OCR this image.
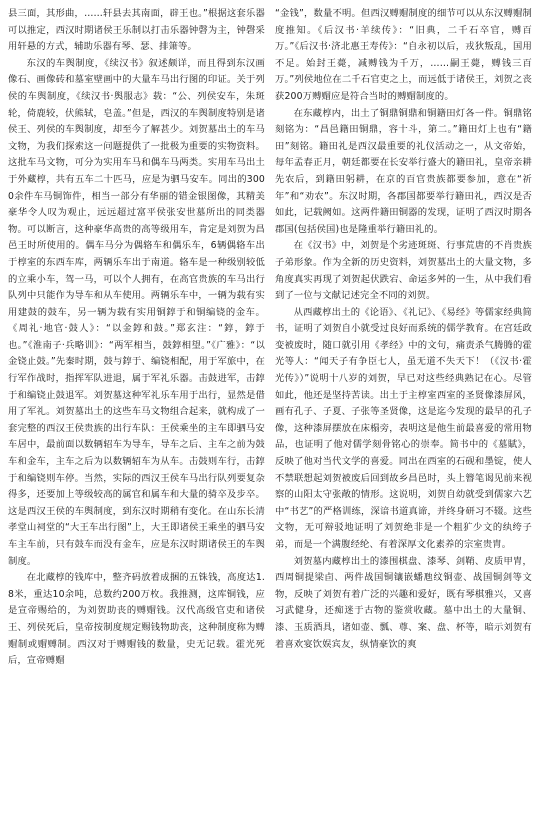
县三面，其形曲，……轩县去其南面，辟王也。”根据这套乐器可以推定，西汉时期诸侯王乐制以打击乐器钟磬为主，钟磬采用轩悬的方式，辅助乐器有琴、瑟、排箫等。

东汉的车舆制度，《续汉书》叙述颇详，而且得到东汉画像石、画像砖和墓室壁画中的大量车马出行图的印证。关于列侯的车舆制度，《续汉书·舆服志》载：“公、列侯安车，朱斑轮，倚鹿较，伏熊轼，皂盖。”但是，西汉的车舆制度特别是诸侯王、列侯的车舆制度，却至今了解甚少。刘贺墓出土的车马文物，为我们探索这一问题提供了一批极为重要的实物资料。这批车马文物，可分为实用车马和偶车马两类。实用车马出土于外藏椁，共有五车二十匹马，应是为驷马安车。同出的3000余件车马铜饰件，相当一部分有华丽的错金银图像，其精美豪华令人叹为观止，远远超过富平侯张安世墓所出的同类器物。可以断言，这种豪华高贵的高等级用车，肯定是刘贺为昌邑王时所使用的。偶车马分为偶辂车和偶乐车，6辆偶辂车出于椁室的东西车库，两辆乐车出于南道。辂车是一种级别较低的立乘小车，驾一马，可以个人拥有，在高官贵族的车马出行队列中只能作为导车和从车使用。两辆乐车中，一辆为载有实用建鼓的鼓车，另一辆为载有实用铜錞于和铜编铙的金车。《周礼·地官·鼓人》：“以金錞和鼓。”郑玄注：“錞，錞于也。”《淮南子·兵略训》：“两军相当，鼓錞相望。”《广雅》：“以金铙止鼓。”先秦时期，鼓与錞于、编铙相配，用于军旅中，在行军作战时，指挥军队进退，属于军礼乐器。击鼓进军，击錞于和编铙止鼓退军。刘贺墓这种军礼乐车用于出行，显然是借用了军礼。刘贺墓出土的这些车马文物组合起来，就构成了一套完整的西汉王侯贵族的出行车队：王侯乘坐的主车即驷马安车居中，最前面以数辆轺车为导车，导车之后、主车之前为鼓车和金车，主车之后为以数辆轺车为从车。击鼓则车行，击錞于和编铙则车停。当然，实际的西汉王侯车马出行队列要复杂得多，还要加上等级较高的属官和属车和大量的骑卒及步卒。这是西汉王侯的车舆制度，到东汉时期稍有变化。在山东长清孝堂山祠堂的“大王车出行图”上，大王即诸侯王乘坐的驷马安车主车前，只有鼓车而没有金车，应是东汉时期诸侯王的车舆制度。

在北藏椁的钱库中，整齐码放着成捆的五铢钱，高度达1.8米，重达10余吨，总数约200万枚。我推测，这库铜钱，应是宣帝赐给的，为刘贺助丧的赙赗钱。汉代高级官吏和诸侯王、列侯死后，皇帝按制度规定赐钱物助丧，这种制度称为赙赗制或赗赙制。西汉对于赙赗钱的数量，史无记载。霍光死后，宣帝赙赗

“金钱”，数量不明。但西汉赙赗制度的细节可以从东汉赙赗制度推知。《后汉书·羊续传》：“旧典，二千石卒官，赙百万。”《后汉书·济北惠王寿传》：“自永初以后，戎狄叛乱，国用不足。始封王薨，减赙钱为千万，……嗣王薨，赙钱三百万。”列侯地位在二千石官吏之上，而远低于诸侯王，刘贺之丧获200万赙赗应是符合当时的赙赗制度的。

在东藏椁内，出土了铜鼎铜鼎和铜籍田灯各一件。铜鼎铭刻铭为：“昌邑籍田铜鼎，容十斗，第二。”籍田灯上也有“籍田”刻铭。籍田礼是西汉最重要的礼仪活动之一，从文帝始，每年孟春正月，朝廷都要在长安举行盛大的籍田礼，皇帝亲耕先农后，到籍田躬耕，在京的百官贵族都要参加，意在“祈年”和“劝农”。东汉时期，各郡国都要举行籍田礼，西汉是否如此，记载阙如。这两件籍田铜器的发现，证明了西汉时期各郡国(包括侯国)也是隆重举行籍田礼的。

在《汉书》中，刘贺是个劣迹斑斑、行事荒唐的不肖贵族子弟形象。作为全新的历史资料，刘贺墓出土的大量文物，多角度真实再现了刘贺起伏跌宕、命运多舛的一生，从中我们看到了一位与文献记述完全不同的刘贺。

从西藏椁出土的《论语》、《礼记》、《易经》等儒家经典简书，证明了刘贺自小就受过良好而系统的儒学教育。在宫廷政变被废时，随口就引用《孝经》中的文句，痛责杀气腾腾的霍光等人：“闻天子有争臣七人，虽无道不失天下！（《汉书·霍光传》）”说明十八岁的刘贺，早已对这些经典熟记在心。尽管如此，他还是坚持苦读。出土于主椁室西室的圣贤像漆屏风，画有孔子、子夏、子张等圣贤像，这是迄今发现的最早的孔子像，这种漆屏摆放在床榻旁，表明这是他生前最喜爱的常用物品，也证明了他对儒学刻骨铭心的崇奉。简书中的《墓賦》，反映了他对当代文学的喜爱。同出在西室的石砚和墨锭，使人不禁联想起刘贺被废后回到故乡昌邑时，头上簪笔谒见前来视察的山阳太守张敞的情形。这说明，刘贺自幼就受到儒家六艺中“书艺”的严格训练，深谙书道真谛，并终身研习不辍。这些文物，无可辩驳地证明了刘贺绝非是一个粗犷少文的纨绔子弟，而是一个满腹经纶、有着深厚文化素养的宗室贵胄。

刘贺墓内藏椁出土的漆围棋盘、漆琴、剑鞘、皮质甲胄，西周铜提梁卣、两件战国铜镶嵌蟠虺纹铜壶、战国铜剑等文物，反映了刘贺有着广泛的兴趣和爱好，既有琴棋雅兴，又喜习武健身，还痴迷于古物的鉴赏收藏。墓中出土的大量铜、漆、玉质酒具，诸如壶、瓢、尊、案、盘、杯等，暗示刘贺有着喜欢宴饮娱宾友，纵情豪饮的爽
